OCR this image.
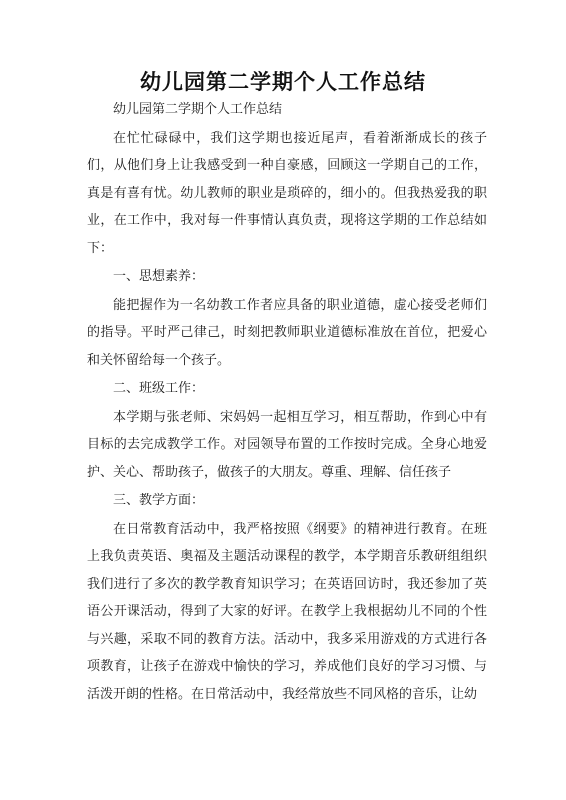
幼儿园第二学期个人工作总结

幼儿园第二学期个人工作总结

在忙忙碌碌中，我们这学期也接近尾声，看着渐渐成长的孩子们，从他们身上让我感受到一种自豪感，回顾这一学期自己的工作，真是有喜有忧。幼儿教师的职业是琐碎的，细小的。但我热爱我的职业，在工作中，我对每一件事情认真负责，现将这学期的工作总结如下：

一、思想素养：

能把握作为一名幼教工作者应具备的职业道德，虚心接受老师们的指导。平时严己律己，时刻把教师职业道德标准放在首位，把爱心和关怀留给每一个孩子。

二、班级工作：

本学期与张老师、宋妈妈一起相互学习，相互帮助，作到心中有目标的去完成教学工作。对园领导布置的工作按时完成。全身心地爱护、关心、帮助孩子，做孩子的大朋友。尊重、理解、信任孩子

三、教学方面：

在日常教育活动中，我严格按照《纲要》的精神进行教育。在班上我负责英语、奥福及主题活动课程的教学，本学期音乐教研组组织我们进行了多次的教学教育知识学习；在英语回访时，我还参加了英语公开课活动，得到了大家的好评。在教学上我根据幼儿不同的个性与兴趣，采取不同的教育方法。活动中，我多采用游戏的方式进行各项教育，让孩子在游戏中愉快的学习，养成他们良好的学习习惯、与活泼开朗的性格。在日常活动中，我经常放些不同风格的音乐，让幼
